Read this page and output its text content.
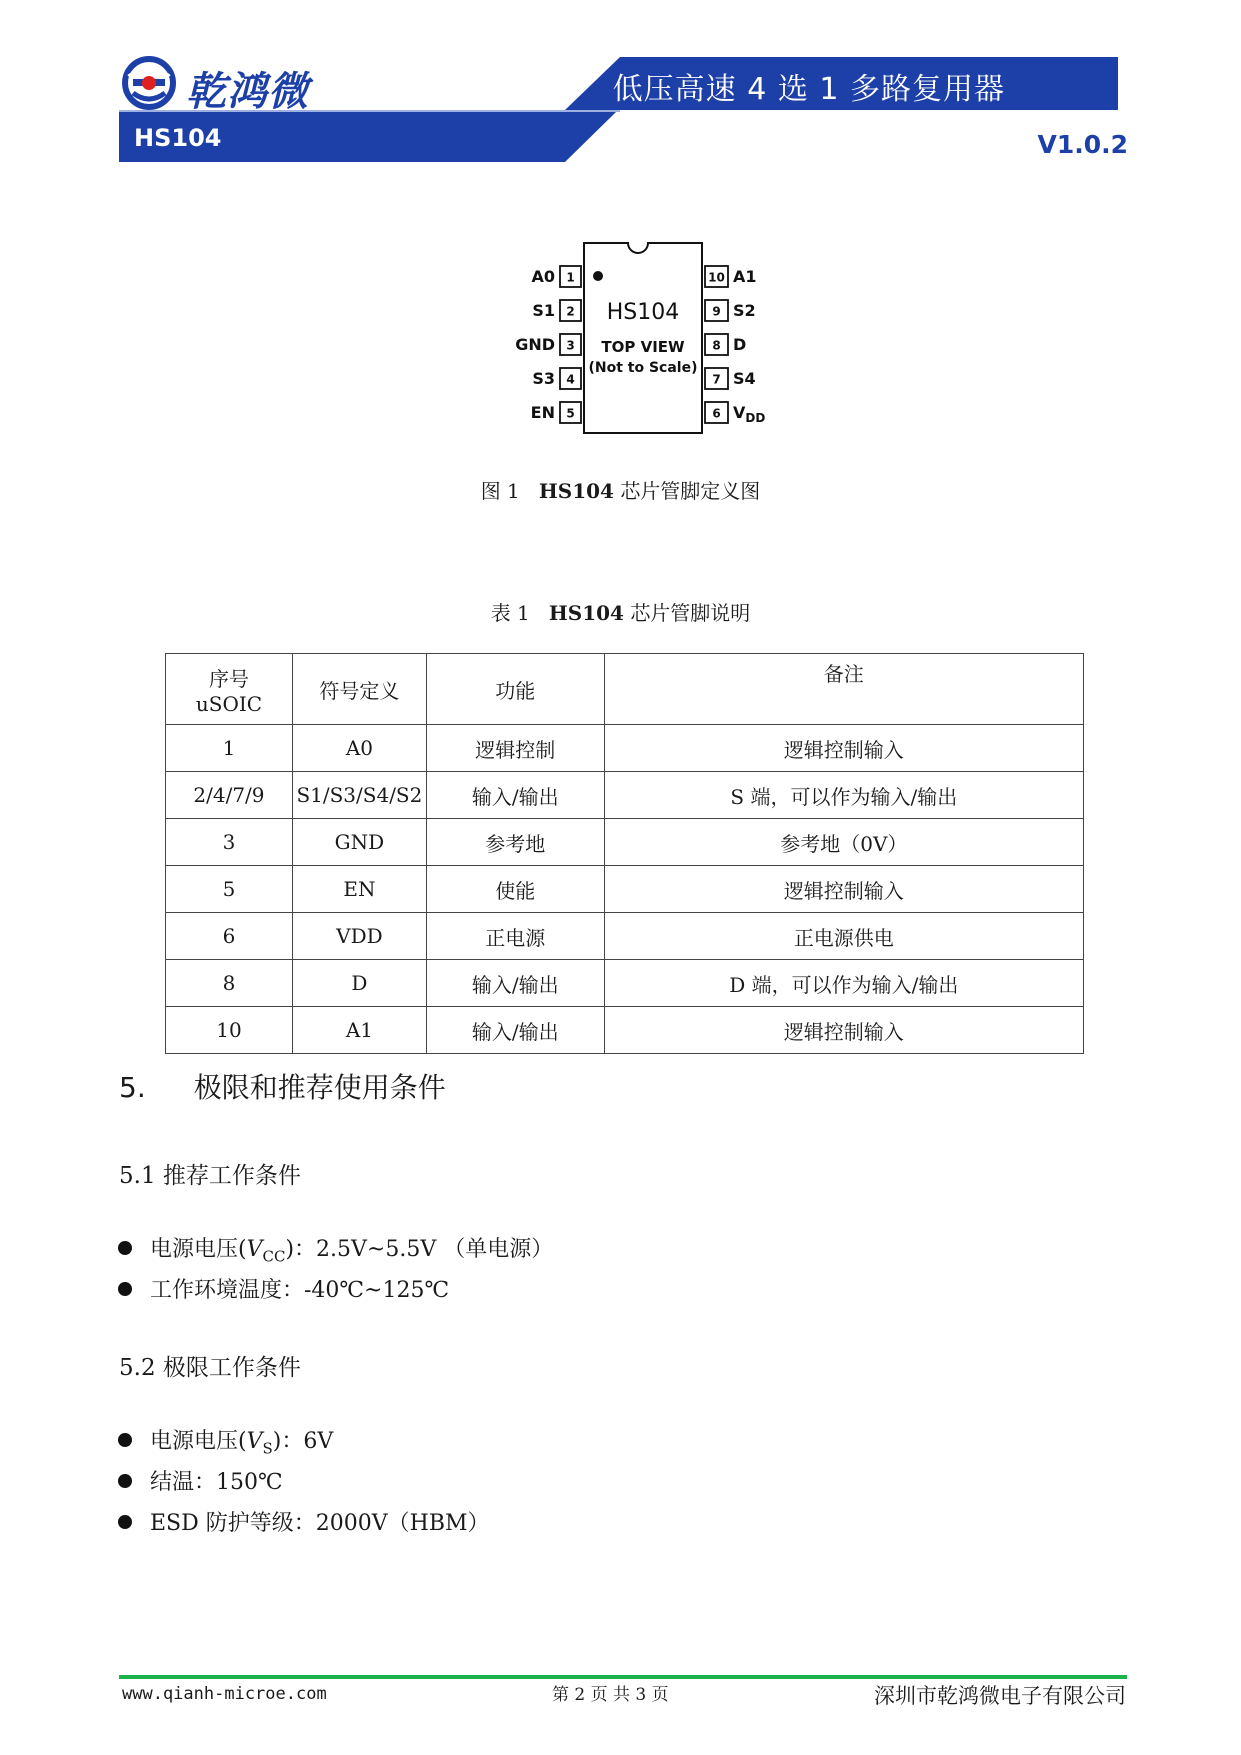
乾鸿微	低压高速 4 选 1 多路复用器
HS104	V1.0.2
1
2
3
4
5
10
9
8
7
6
A0
S1
GND
S3
EN
A1
S2
D
S4
$V_{DD}$
HS104
TOP VIEW
(Not to Scale)
图 1 HS104 芯片管脚定义图
表 1 HS104 芯片管脚说明
序号
uSOIC	符号定义	功能	备注
1	A0	逻辑控制	逻辑控制输入
2/4/7/9	S1/S3/S4/S2	输入/输出	S 端，可以作为输入/输出
3	GND	参考地	参考地（0V）
5	EN	使能	逻辑控制输入
6	VDD	正电源	正电源供电
8	D	输入/输出	D 端，可以作为输入/输出
10	A1	输入/输出	逻辑控制输入
5. 极限和推荐使用条件
5.1 推荐工作条件
电源电压$(V_{CC})$：2.5V~5.5V （单电源）
工作环境温度：-40℃~125℃
5.2 极限工作条件
电源电压$(V_S)$：6V
结温：150℃
ESD 防护等级：2000V（HBM）
www.qianh-microe.com	第 2 页 共 3 页	深圳市乾鸿微电子有限公司
